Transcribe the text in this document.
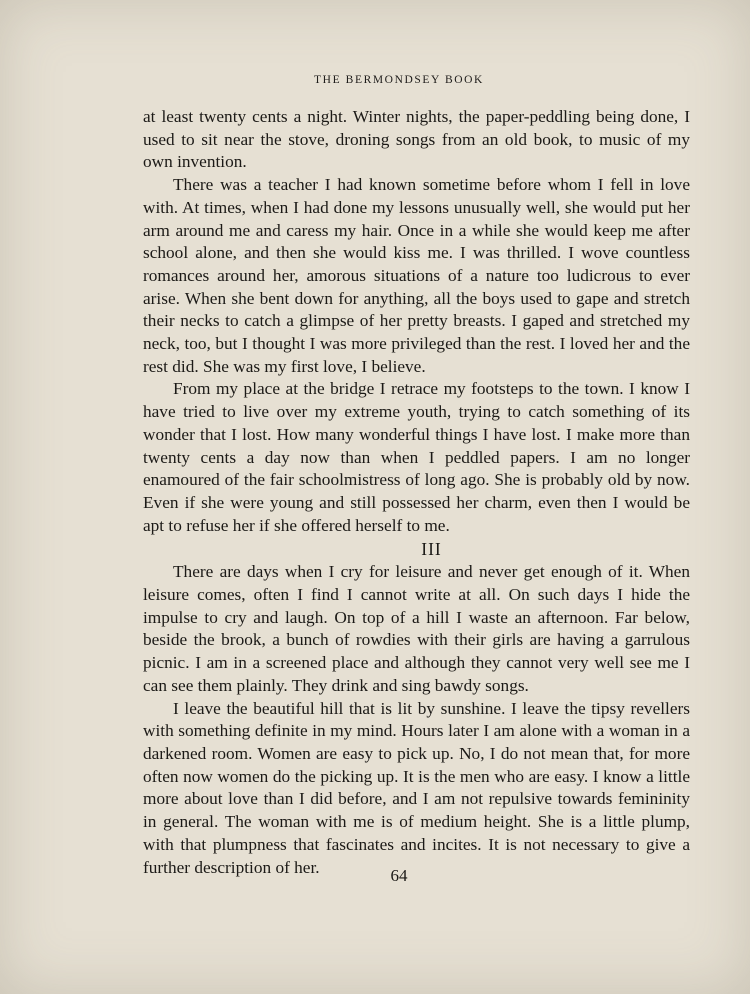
THE BERMONDSEY BOOK

at least twenty cents a night. Winter nights, the paper-peddling being done, I used to sit near the stove, droning songs from an old book, to music of my own invention.

There was a teacher I had known sometime before whom I fell in love with. At times, when I had done my lessons unusually well, she would put her arm around me and caress my hair. Once in a while she would keep me after school alone, and then she would kiss me. I was thrilled. I wove countless romances around her, amorous situations of a nature too ludicrous to ever arise. When she bent down for anything, all the boys used to gape and stretch their necks to catch a glimpse of her pretty breasts. I gaped and stretched my neck, too, but I thought I was more privileged than the rest. I loved her and the rest did. She was my first love, I believe.

From my place at the bridge I retrace my footsteps to the town. I know I have tried to live over my extreme youth, trying to catch something of its wonder that I lost. How many wonderful things I have lost. I make more than twenty cents a day now than when I peddled papers. I am no longer enamoured of the fair schoolmistress of long ago. She is probably old by now. Even if she were young and still possessed her charm, even then I would be apt to refuse her if she offered herself to me.

III

There are days when I cry for leisure and never get enough of it. When leisure comes, often I find I cannot write at all. On such days I hide the impulse to cry and laugh. On top of a hill I waste an afternoon. Far below, beside the brook, a bunch of rowdies with their girls are having a garrulous picnic. I am in a screened place and although they cannot very well see me I can see them plainly. They drink and sing bawdy songs.

I leave the beautiful hill that is lit by sunshine. I leave the tipsy revellers with something definite in my mind. Hours later I am alone with a woman in a darkened room. Women are easy to pick up. No, I do not mean that, for more often now women do the picking up. It is the men who are easy. I know a little more about love than I did before, and I am not repulsive towards femininity in general. The woman with me is of medium height. She is a little plump, with that plumpness that fascinates and incites. It is not necessary to give a further description of her.	64
